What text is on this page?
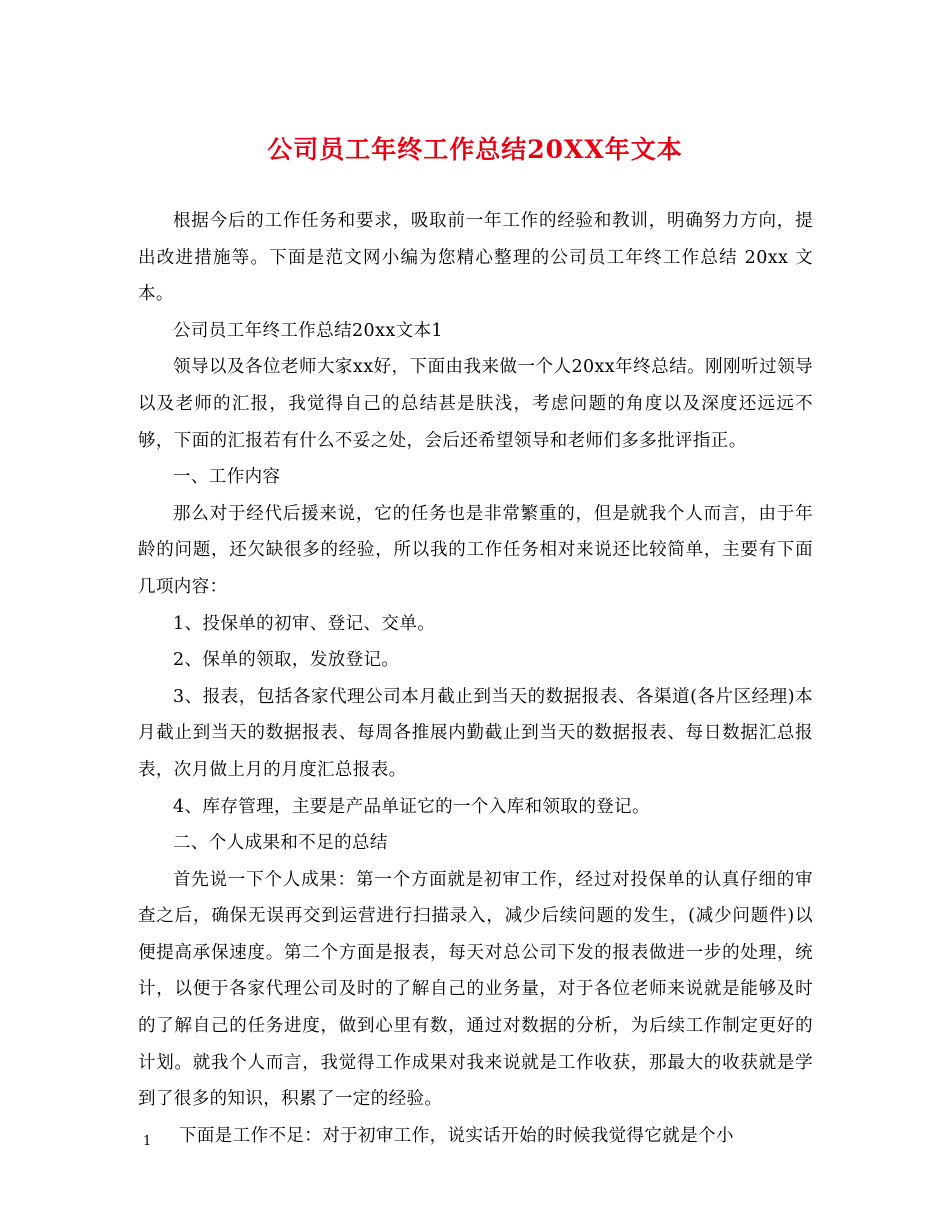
公司员工年终工作总结20XX年文本

根据今后的工作任务和要求，吸取前一年工作的经验和教训，明确努力方向，提出改进措施等。下面是范文网小编为您精心整理的公司员工年终工作总结 20xx 文本。

公司员工年终工作总结20xx文本1

领导以及各位老师大家xx好，下面由我来做一个人20xx年终总结。刚刚听过领导以及老师的汇报，我觉得自己的总结甚是肤浅，考虑问题的角度以及深度还远远不够，下面的汇报若有什么不妥之处，会后还希望领导和老师们多多批评指正。

一、工作内容

那么对于经代后援来说，它的任务也是非常繁重的，但是就我个人而言，由于年龄的问题，还欠缺很多的经验，所以我的工作任务相对来说还比较简单，主要有下面几项内容：

1、投保单的初审、登记、交单。

2、保单的领取，发放登记。

3、报表，包括各家代理公司本月截止到当天的数据报表、各渠道(各片区经理)本月截止到当天的数据报表、每周各推展内勤截止到当天的数据报表、每日数据汇总报表，次月做上月的月度汇总报表。

4、库存管理，主要是产品单证它的一个入库和领取的登记。

二、个人成果和不足的总结

首先说一下个人成果：第一个方面就是初审工作，经过对投保单的认真仔细的审查之后，确保无误再交到运营进行扫描录入，减少后续问题的发生，(减少问题件)以便提高承保速度。第二个方面是报表，每天对总公司下发的报表做进一步的处理，统计，以便于各家代理公司及时的了解自己的业务量，对于各位老师来说就是能够及时的了解自己的任务进度，做到心里有数，通过对数据的分析，为后续工作制定更好的计划。就我个人而言，我觉得工作成果对我来说就是工作收获，那最大的收获就是学到了很多的知识，积累了一定的经验。

下面是工作不足：对于初审工作，说实话开始的时候我觉得它就是个小

1
